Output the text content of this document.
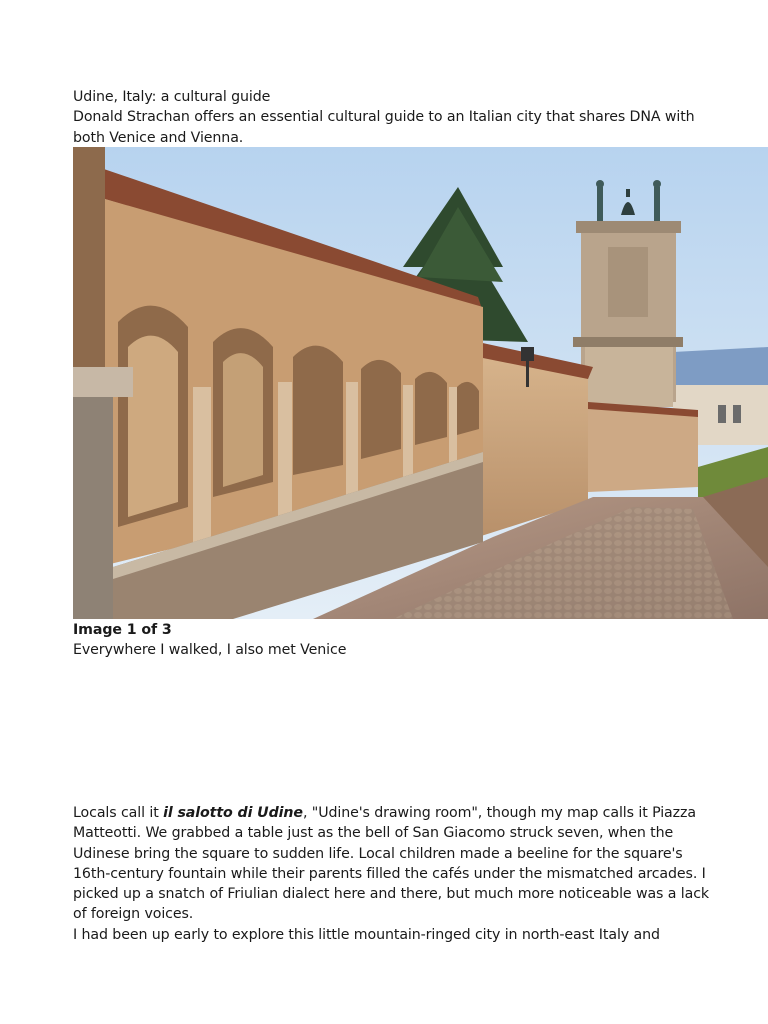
Udine, Italy: a cultural guide
Donald Strachan offers an essential cultural guide to an Italian city that shares DNA with both Venice and Vienna.
Image 1 of 3
Everywhere I walked, I also met Venice

Locals call it il salotto di Udine, "Udine's drawing room", though my map calls it Piazza Matteotti. We grabbed a table just as the bell of San Giacomo struck seven, when the Udinese bring the square to sudden life. Local children made a beeline for the square's 16th-century fountain while their parents filled the cafés under the mismatched arcades. I picked up a snatch of Friulian dialect here and there, but much more noticeable was a lack of foreign voices.

I had been up early to explore this little mountain-ringed city in north-east Italy and
